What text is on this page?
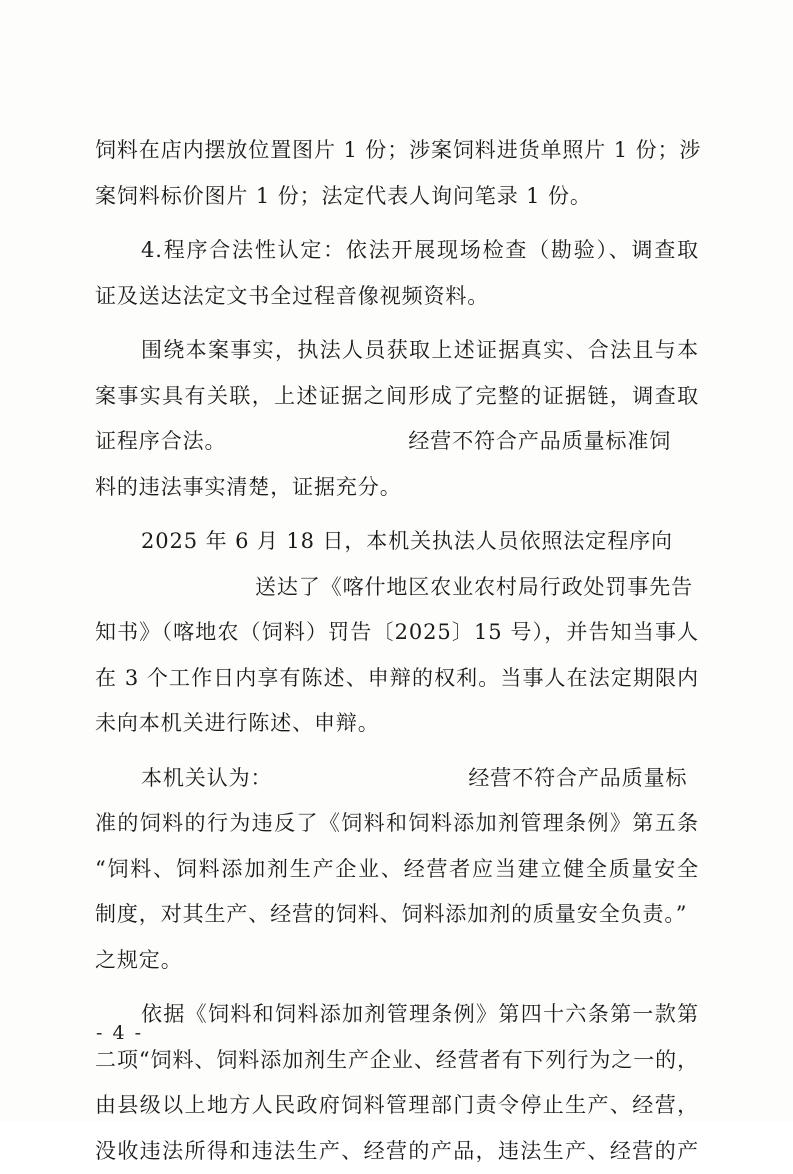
饲料在店内摆放位置图片 1 份；涉案饲料进货单照片 1 份；涉
案饲料标价图片 1 份；法定代表人询问笔录 1 份。
4.程序合法性认定：依法开展现场检查（勘验）、调查取
证及送达法定文书全过程音像视频资料。
围绕本案事实，执法人员获取上述证据真实、合法且与本
案事实具有关联，上述证据之间形成了完整的证据链，调查取
证程序合法。	经营不符合产品质量标准饲
料的违法事实清楚，证据充分。
2025 年 6 月 18 日，本机关执法人员依照法定程序向
送达了《喀什地区农业农村局行政处罚事先告
知书》（喀地农（饲料）罚告〔2025〕15 号），并告知当事人
在 3 个工作日内享有陈述、申辩的权利。当事人在法定期限内
未向本机关进行陈述、申辩。
本机关认为：	经营不符合产品质量标
准的饲料的行为违反了《饲料和饲料添加剂管理条例》第五条
“饲料、饲料添加剂生产企业、经营者应当建立健全质量安全
制度，对其生产、经营的饲料、饲料添加剂的质量安全负责。”
之规定。
依据《饲料和饲料添加剂管理条例》第四十六条第一款第
二项“饲料、饲料添加剂生产企业、经营者有下列行为之一的，
由县级以上地方人民政府饲料管理部门责令停止生产、经营，
没收违法所得和违法生产、经营的产品，违法生产、经营的产
- 4 -
